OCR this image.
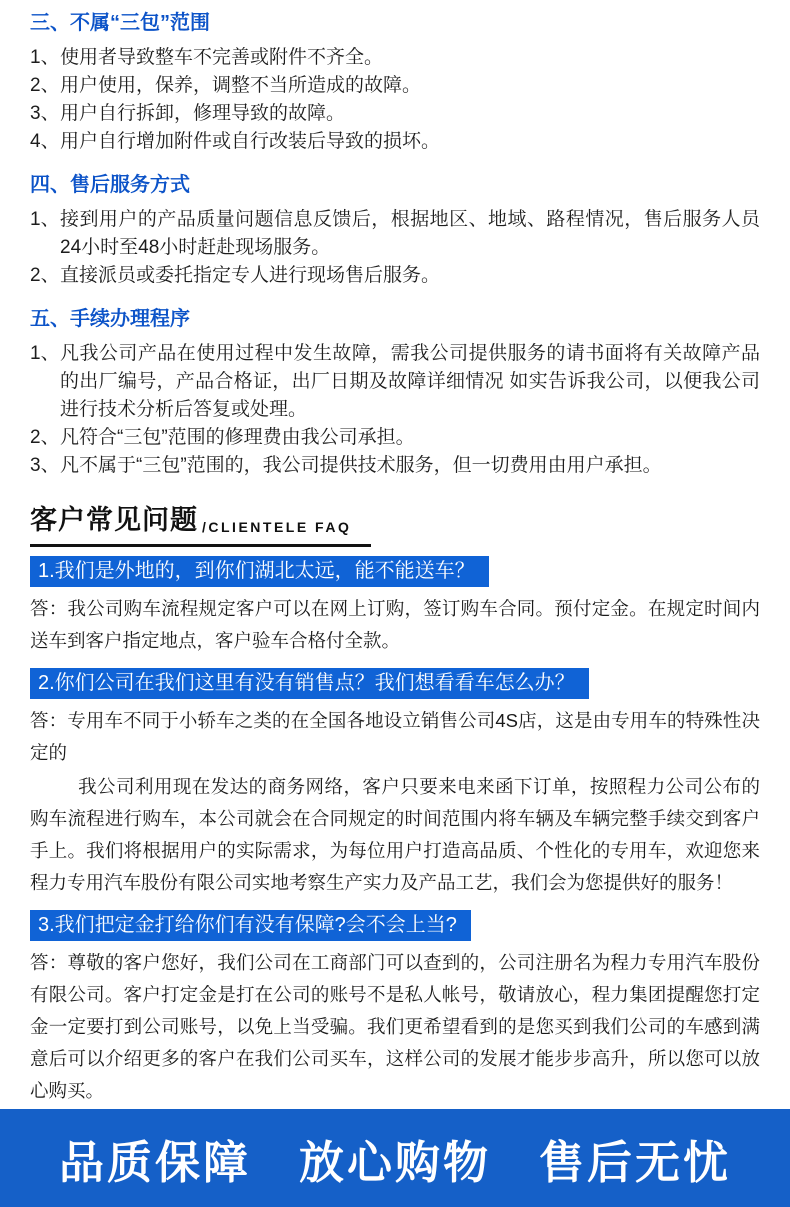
三、不属“三包”范围
1、 使用者导致整车不完善或附件不齐全。
2、 用户使用，保养，调整不当所造成的故障。
3、 用户自行拆卸，修理导致的故障。
4、 用户自行增加附件或自行改装后导致的损坏。
四、售后服务方式
1、 接到用户的产品质量问题信息反馈后，根据地区、地域、路程情况，售后服务人员24小时至48小时赶赴现场服务。
2、 直接派员或委托指定专人进行现场售后服务。
五、手续办理程序
1、 凡我公司产品在使用过程中发生故障，需我公司提供服务的请书面将有关故障产品的出厂编号，产品合格证，出厂日期及故障详细情况 如实告诉我公司，以便我公司进行技术分析后答复或处理。
2、 凡符合“三包”范围的修理费由我公司承担。
3、 凡不属于“三包”范围的，我公司提供技术服务，但一切费用由用户承担。
客户常见问题 /CLIENTELE FAQ
1.我们是外地的，到你们湖北太远，能不能送车？

答：我公司购车流程规定客户可以在网上订购，签订购车合同。预付定金。在规定时间内送车到客户指定地点，客户验车合格付全款。

2.你们公司在我们这里有没有销售点？我们想看看车怎么办？

答：专用车不同于小轿车之类的在全国各地设立销售公司4S店，这是由专用车的特殊性决定的

我公司利用现在发达的商务网络，客户只要来电来函下订单，按照程力公司公布的购车流程进行购车，本公司就会在合同规定的时间范围内将车辆及车辆完整手续交到客户手上。我们将根据用户的实际需求，为每位用户打造高品质、个性化的专用车，欢迎您来程力专用汽车股份有限公司实地考察生产实力及产品工艺，我们会为您提供好的服务！

3.我们把定金打给你们有没有保障?会不会上当?

答：尊敬的客户您好，我们公司在工商部门可以查到的，公司注册名为程力专用汽车股份有限公司。客户打定金是打在公司的账号不是私人帐号，敬请放心，程力集团提醒您打定金一定要打到公司账号，以免上当受骗。我们更希望看到的是您买到我们公司的车感到满意后可以介绍更多的客户在我们公司买车，这样公司的发展才能步步高升，所以您可以放心购买。

品质保障　放心购物　售后无忧
